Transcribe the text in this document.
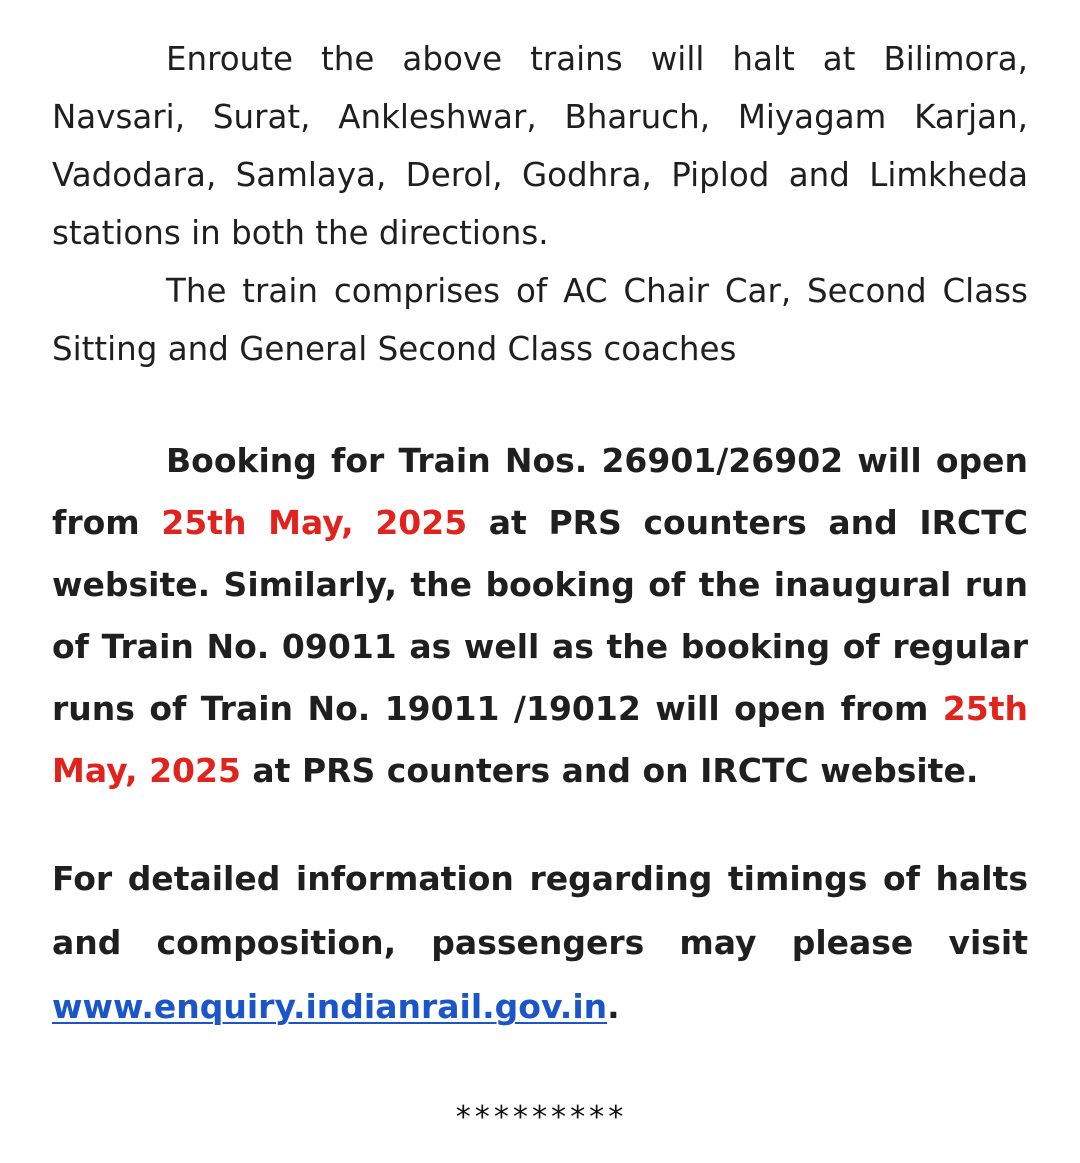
Enroute the above trains will halt at Bilimora, Navsari, Surat, Ankleshwar, Bharuch, Miyagam Karjan, Vadodara, Samlaya, Derol, Godhra, Piplod and Limkheda stations in both the directions.

The train comprises of AC Chair Car, Second Class Sitting and General Second Class coaches

Booking for Train Nos. 26901/26902 will open from 25th May, 2025 at PRS counters and IRCTC website. Similarly, the booking of the inaugural run of Train No. 09011 as well as the booking of regular runs of Train No. 19011 /19012 will open from 25th May, 2025 at PRS counters and on IRCTC website.

For detailed information regarding timings of halts and composition, passengers may please visit www.enquiry.indianrail.gov.in.

*********
